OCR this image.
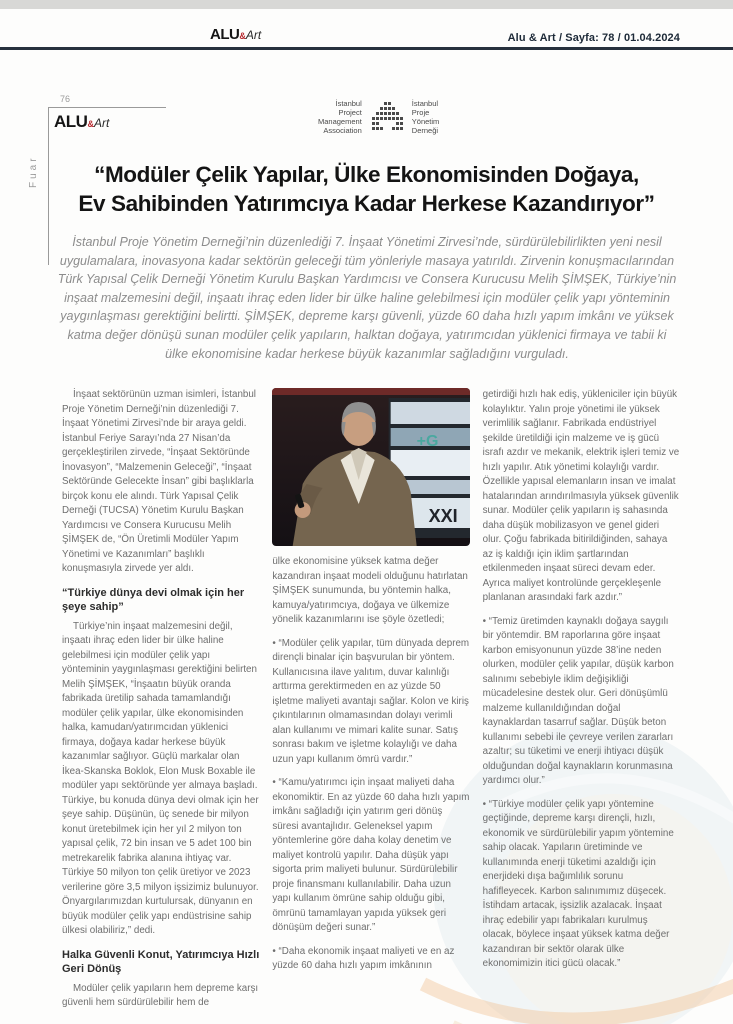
ALU&Art	Alu & Art / Sayfa: 78 / 01.04.2024
76
ALU&Art
Fuar
İstanbul
Project
Management
Association
İstanbul
Proje
Yönetim
Derneği
“Modüler Çelik Yapılar, Ülke Ekonomisinden Doğaya,
Ev Sahibinden Yatırımcıya Kadar Herkese Kazandırıyor”
İstanbul Proje Yönetim Derneği’nin düzenlediği 7. İnşaat Yönetimi Zirvesi’nde, sürdürülebilirlikten yeni nesil uygulamalara, inovasyona kadar sektörün geleceği tüm yönleriyle masaya yatırıldı. Zirvenin konuşmacılarından Türk Yapısal Çelik Derneği Yönetim Kurulu Başkan Yardımcısı ve Consera Kurucusu Melih ŞİMŞEK, Türkiye’nin inşaat malzemesini değil, inşaatı ihraç eden lider bir ülke haline gelebilmesi için modüler çelik yapı yönteminin yaygınlaşması gerektiğini belirtti. ŞİMŞEK, depreme karşı güvenli, yüzde 60 daha hızlı yapım imkânı ve yüksek katma değer dönüşü sunan modüler çelik yapıların, halktan doğaya, yatırımcıdan yüklenici firmaya ve tabii ki ülke ekonomisine kadar herkese büyük kazanımlar sağladığını vurguladı.

İnşaat sektörünün uzman isimleri, İstanbul Proje Yönetim Derneği’nin düzenlediği 7. İnşaat Yönetimi Zirvesi’nde bir araya geldi. İstanbul Feriye Sarayı’nda 27 Nisan’da gerçekleştirilen zirvede, “İnşaat Sektöründe İnovasyon”, “Malzemenin Geleceği”, “İnşaat Sektöründe Gelecekte İnsan” gibi başlıklarla birçok konu ele alındı. Türk Yapısal Çelik Derneği (TUCSA) Yönetim Kurulu Başkan Yardımcısı ve Consera Kurucusu Melih ŞİMŞEK de, “Ön Üretimli Modüler Yapım Yönetimi ve Kazanımları” başlıklı konuşmasıyla zirvede yer aldı.

“Türkiye dünya devi olmak için her şeye sahip”

Türkiye’nin inşaat malzemesini değil, inşaatı ihraç eden lider bir ülke haline gelebilmesi için modüler çelik yapı yönteminin yaygınlaşması gerektiğini belirten Melih ŞİMŞEK, “İnşaatın büyük oranda fabrikada üretilip sahada tamamlandığı modüler çelik yapılar, ülke ekonomisinden halka, kamudan/yatırımcıdan yüklenici firmaya, doğaya kadar herkese büyük kazanımlar sağlıyor. Güçlü markalar olan İkea-Skanska Boklok, Elon Musk Boxable ile modüler yapı sektöründe yer almaya başladı. Türkiye, bu konuda dünya devi olmak için her şeye sahip. Düşünün, üç senede bir milyon konut üretebilmek için her yıl 2 milyon ton yapısal çelik, 72 bin insan ve 5 adet 100 bin metrekarelik fabrika alanına ihtiyaç var. Türkiye 50 milyon ton çelik üretiyor ve 2023 verilerine göre 3,5 milyon işsizimiz bulunuyor. Önyargılarımızdan kurtulursak, dünyanın en büyük modüler çelik yapı endüstrisine sahip ülkesi olabiliriz,” dedi.

Halka Güvenli Konut, Yatırımcıya Hızlı Geri Dönüş

Modüler çelik yapıların hem depreme karşı güvenli hem sürdürülebilir hem de

+G
XXI

ülke ekonomisine yüksek katma değer kazandıran inşaat modeli olduğunu hatırlatan ŞİMŞEK sunumunda, bu yöntemin halka, kamuya/yatırımcıya, doğaya ve ülkemize yönelik kazanımlarını ise şöyle özetledi;

• “Modüler çelik yapılar, tüm dünyada deprem dirençli binalar için başvurulan bir yöntem. Kullanıcısına ilave yalıtım, duvar kalınlığı arttırma gerektirmeden en az yüzde 50 işletme maliyeti avantajı sağlar. Kolon ve kiriş çıkıntılarının olmamasından dolayı verimli alan kullanımı ve mimari kalite sunar. Satış sonrası bakım ve işletme kolaylığı ve daha uzun yapı kullanım ömrü vardır.”

• “Kamu/yatırımcı için inşaat maliyeti daha ekonomiktir. En az yüzde 60 daha hızlı yapım imkânı sağladığı için yatırım geri dönüş süresi avantajlıdır. Geleneksel yapım yöntemlerine göre daha kolay denetim ve maliyet kontrolü yapılır. Daha düşük yapı sigorta prim maliyeti bulunur. Sürdürülebilir proje finansmanı kullanılabilir. Daha uzun yapı kullanım ömrüne sahip olduğu gibi, ömrünü tamamlayan yapıda yüksek geri dönüşüm değeri sunar.”

• “Daha ekonomik inşaat maliyeti ve en az yüzde 60 daha hızlı yapım imkânının

getirdiği hızlı hak ediş, yükleniciler için büyük kolaylıktır. Yalın proje yönetimi ile yüksek verimlilik sağlanır. Fabrikada endüstriyel şekilde üretildiği için malzeme ve iş gücü israfı azdır ve mekanik, elektrik işleri temiz ve hızlı yapılır. Atık yönetimi kolaylığı vardır. Özellikle yapısal elemanların insan ve imalat hatalarından arındırılmasıyla yüksek güvenlik sunar. Modüler çelik yapıların iş sahasında daha düşük mobilizasyon ve genel gideri olur. Çoğu fabrikada bitirildiğinden, sahaya az iş kaldığı için iklim şartlarından etkilenmeden inşaat süreci devam eder. Ayrıca maliyet kontrolünde gerçekleşenle planlanan arasındaki fark azdır.”

• “Temiz üretimden kaynaklı doğaya saygılı bir yöntemdir. BM raporlarına göre inşaat karbon emisyonunun yüzde 38’ine neden olurken, modüler çelik yapılar, düşük karbon salınımı sebebiyle iklim değişikliği mücadelesine destek olur. Geri dönüşümlü malzeme kullanıldığından doğal kaynaklardan tasarruf sağlar. Düşük beton kullanımı sebebi ile çevreye verilen zararları azaltır; su tüketimi ve enerji ihtiyacı düşük olduğundan doğal kaynakların korunmasına yardımcı olur.”

• “Türkiye modüler çelik yapı yöntemine geçtiğinde, depreme karşı dirençli, hızlı, ekonomik ve sürdürülebilir yapım yöntemine sahip olacak. Yapıların üretiminde ve kullanımında enerji tüketimi azaldığı için enerjideki dışa bağımlılık sorunu hafifleyecek. Karbon salınımımız düşecek. İstihdam artacak, işsizlik azalacak. İnşaat ihraç edebilir yapı fabrikaları kurulmuş olacak, böylece inşaat yüksek katma değer kazandıran bir sektör olarak ülke ekonomimizin itici gücü olacak.”
